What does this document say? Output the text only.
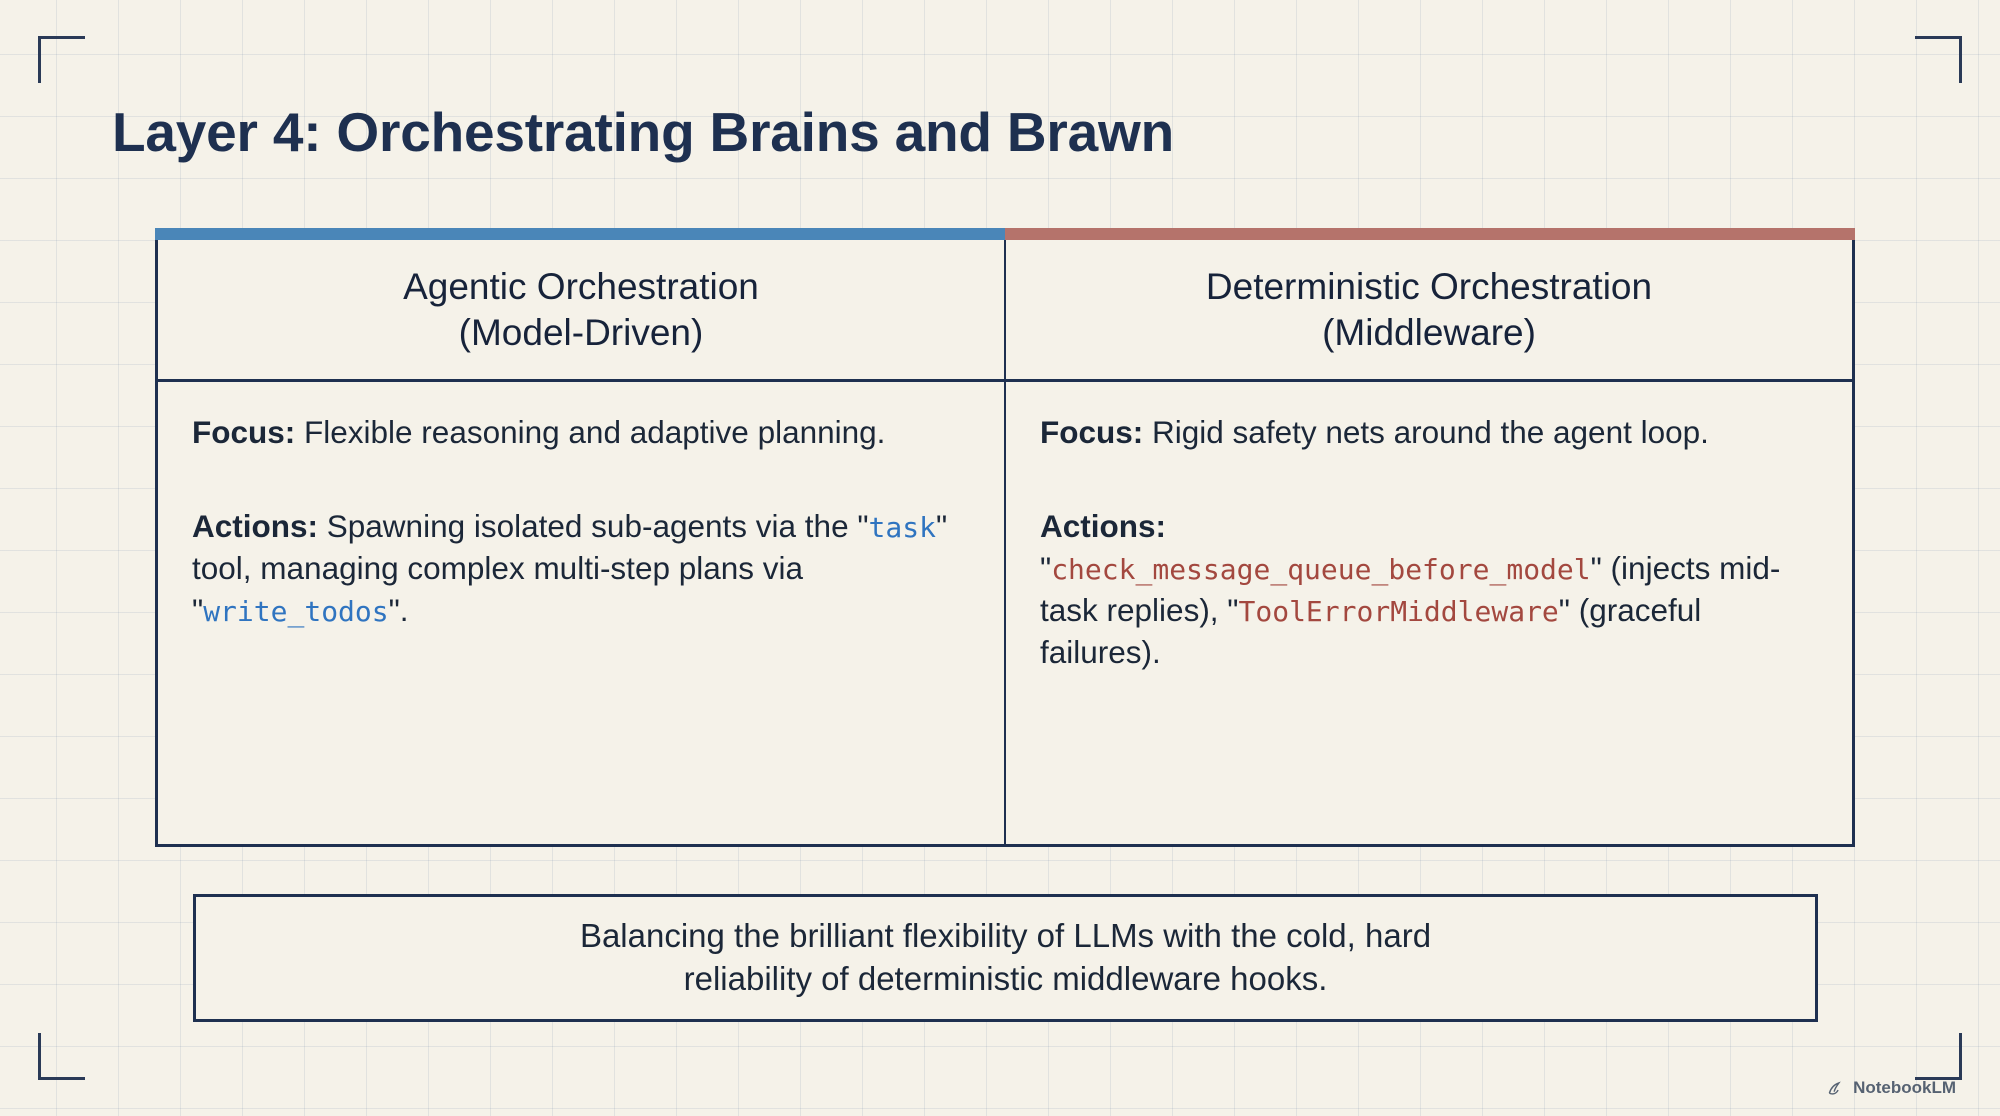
Layer 4: Orchestrating Brains and Brawn
Agentic Orchestration
(Model-Driven)
Focus: Flexible reasoning and adaptive planning.
Actions: Spawning isolated sub-agents via the "task" tool, managing complex multi-step plans via "write_todos".
Deterministic Orchestration
(Middleware)
Focus: Rigid safety nets around the agent loop.
Actions:
"check_message_queue_before_model" (injects mid-task replies), "ToolErrorMiddleware" (graceful failures).
Balancing the brilliant flexibility of LLMs with the cold, hard
reliability of deterministic middleware hooks.
NotebookLM
